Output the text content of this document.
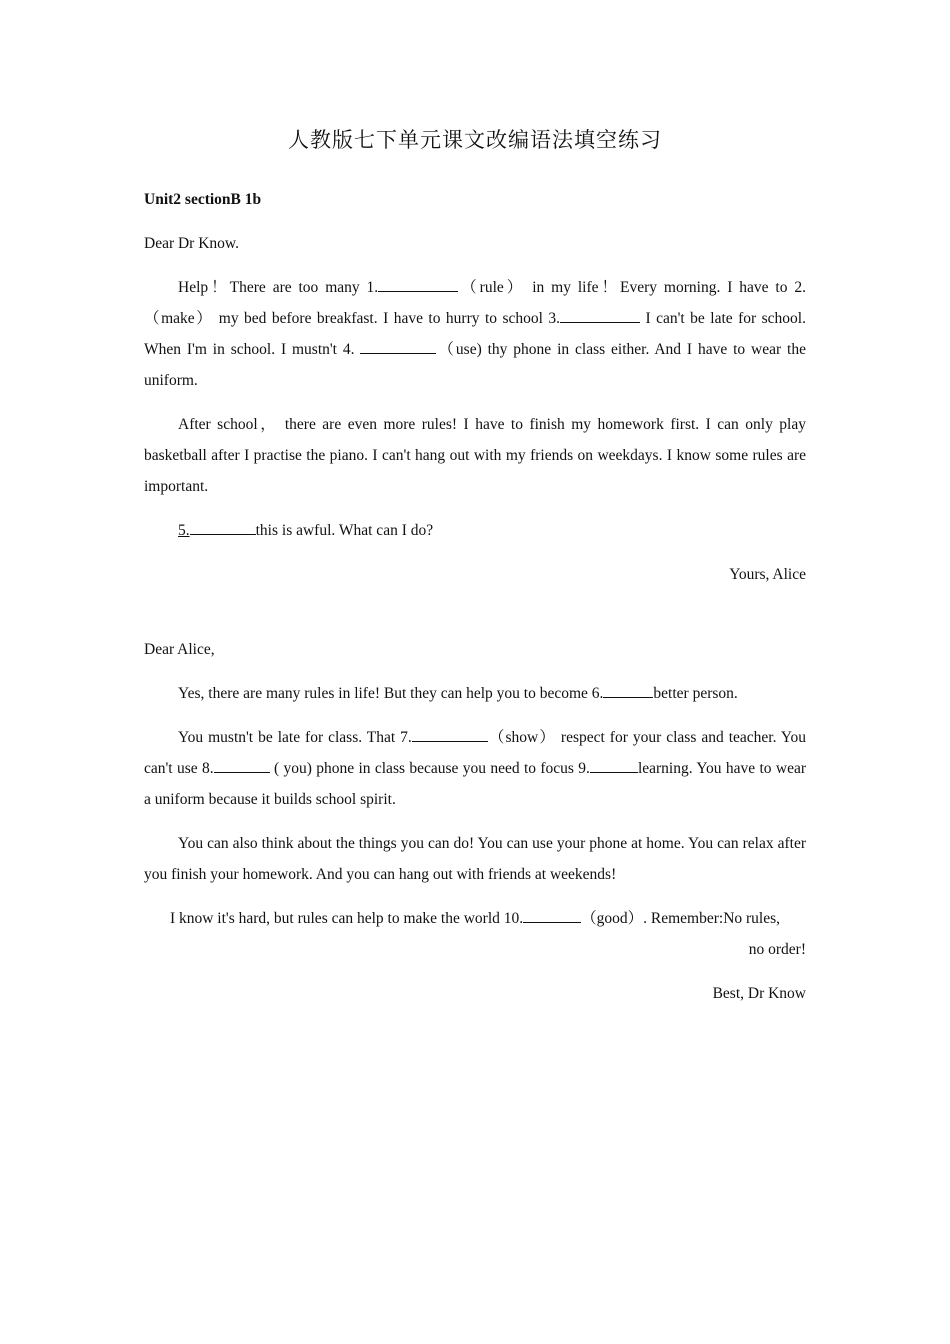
人教版七下单元课文改编语法填空练习
Unit2 sectionB 1b
Dear Dr Know.

Help！There are too many 1.	（rule） in my life！Every morning. I have to 2.（make） my bed before breakfast. I have to hurry to school 3.	I can't be late for school. When I'm in school. I mustn't 4.	（use) thy phone in class either. And I have to wear the uniform.

After school， there are even more rules! I have to finish my homework first. I can only play basketball after I practise the piano. I can't hang out with my friends on weekdays. I know some rules are important.

5.	this is awful. What can I do?

Yours, Alice
Dear Alice,

Yes, there are many rules in life! But they can help you to become 6.	better person.

You mustn't be late for class. That 7.	（show） respect for your class and teacher. You can't use 8.	( you) phone in class because you need to focus 9.	learning. You have to wear a uniform because it builds school spirit.

You can also think about the things you can do! You can use your phone at home. You can relax after you finish your homework. And you can hang out with friends at weekends!

I know it's hard, but rules can help to make the world 10.	（good）. Remember:No rules,
no order!

Best, Dr Know
